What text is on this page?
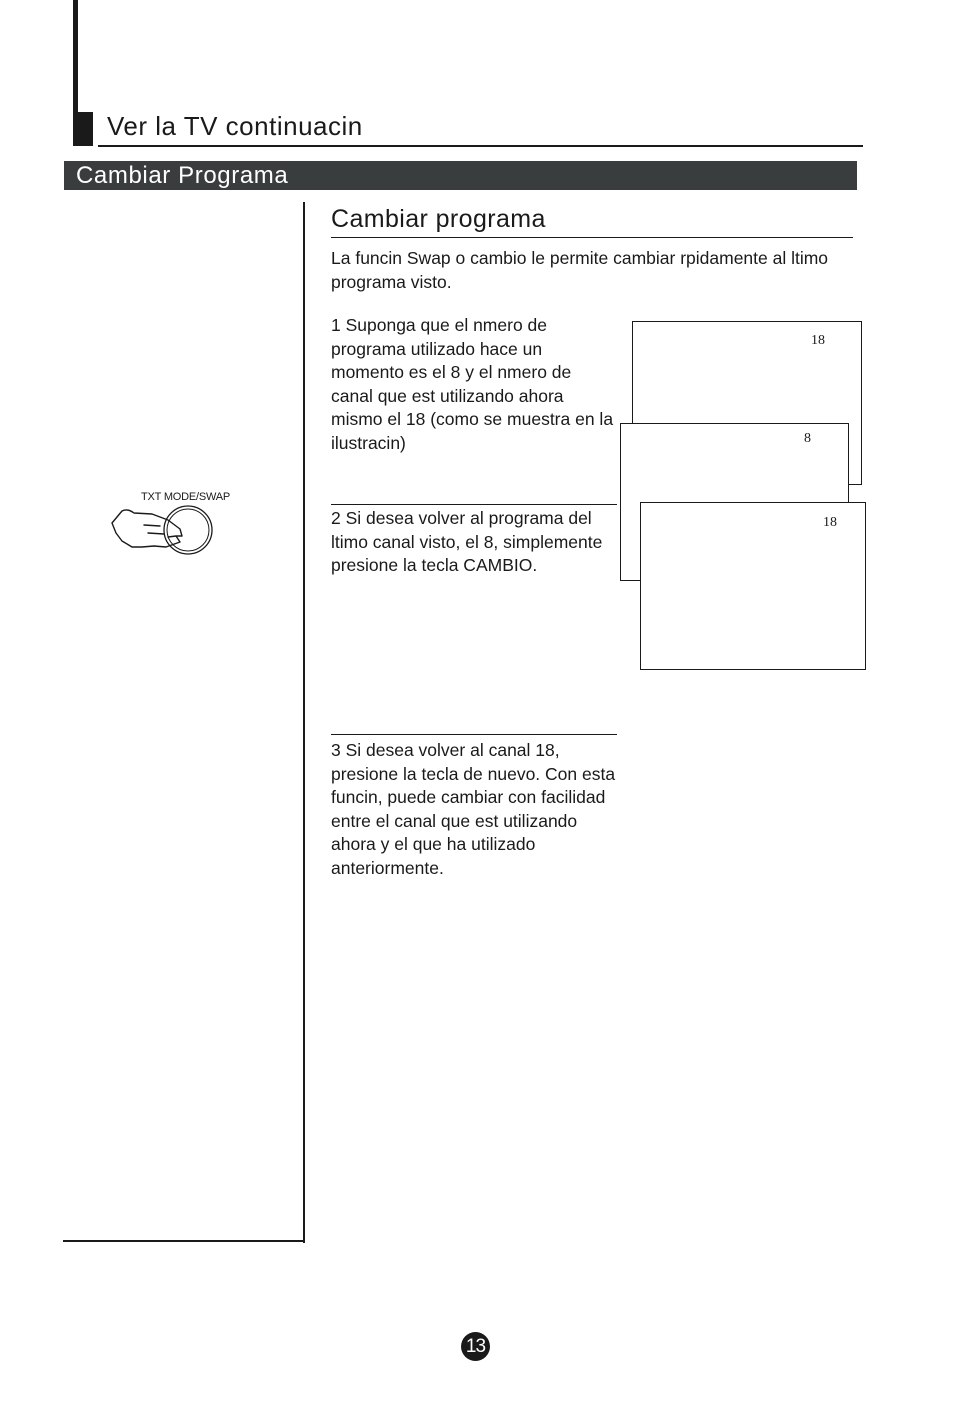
Ver la TV continuacin
Cambiar Programa
TXT MODE/SWAP
Cambiar programa
La funcin Swap o cambio le permite cambiar rpidamente al ltimo programa visto.
1 Suponga que el nmero de programa utilizado hace un momento es el 8 y el nmero de canal que est utilizando ahora mismo el 18 (como se muestra en la ilustracin)
2 Si desea volver al programa del ltimo canal visto, el 8, simplemente presione la tecla CAMBIO.
3 Si desea volver al canal 18, presione la tecla de nuevo. Con esta funcin, puede cambiar con facilidad entre el canal que est utilizando ahora y el que ha utilizado anteriormente.
18
8
18
13
